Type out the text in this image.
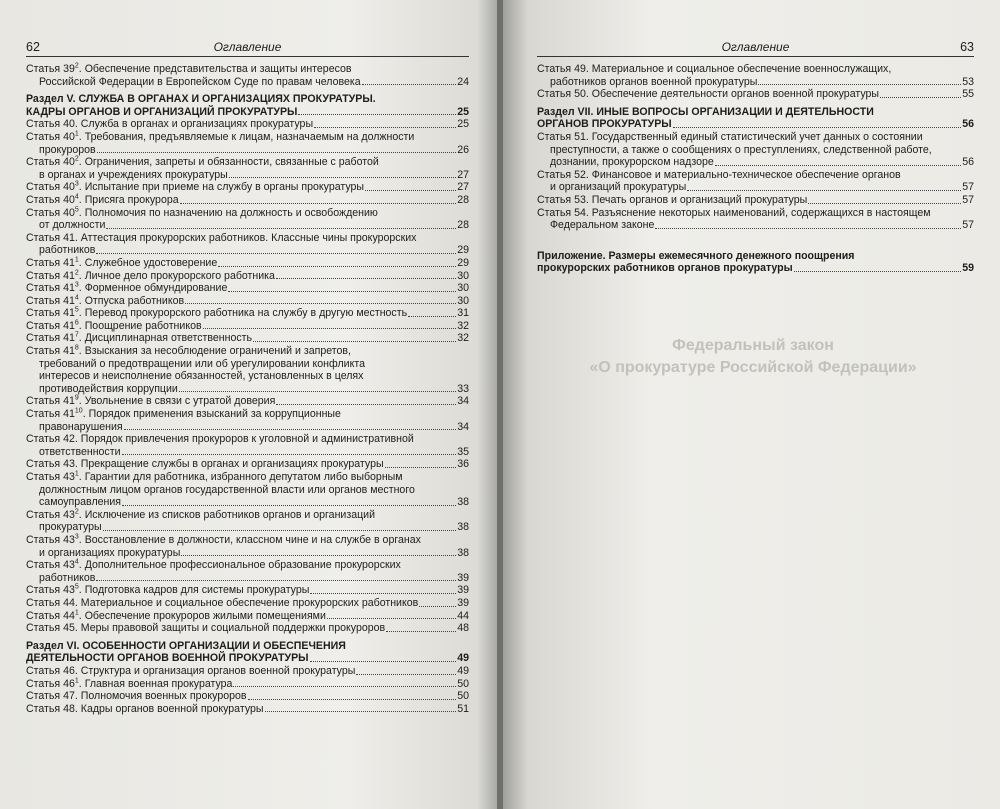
62	Оглавление
Статья $39^2$. Обеспечение представительства и защиты интересов
Российской Федерации в Европейском Суде по правам человека	24
Раздел V. СЛУЖБА В ОРГАНАХ И ОРГАНИЗАЦИЯХ ПРОКУРАТУРЫ.
КАДРЫ ОРГАНОВ И ОРГАНИЗАЦИЙ ПРОКУРАТУРЫ	25
Статья 40. Служба в органах и организациях прокуратуры	25
Статья $40^1$. Требования, предъявляемые к лицам, назначаемым на должности
прокуроров	26
Статья $40^2$. Ограничения, запреты и обязанности, связанные с работой
в органах и учреждениях прокуратуры	27
Статья $40^3$. Испытание при приеме на службу в органы прокуратуры	27
Статья $40^4$. Присяга прокурора	28
Статья $40^5$. Полномочия по назначению на должность и освобождению
от должности	28
Статья 41. Аттестация прокурорских работников. Классные чины прокурорских
работников	29
Статья $41^1$. Служебное удостоверение	29
Статья $41^2$. Личное дело прокурорского работника	30
Статья $41^3$. Форменное обмундирование	30
Статья $41^4$. Отпуска работников	30
Статья $41^5$. Перевод прокурорского работника на службу в другую местность	31
Статья $41^6$. Поощрение работников	32
Статья $41^7$. Дисциплинарная ответственность	32
Статья $41^8$. Взыскания за несоблюдение ограничений и запретов,
требований о предотвращении или об урегулировании конфликта
интересов и неисполнение обязанностей, установленных в целях
противодействия коррупции	33
Статья $41^9$. Увольнение в связи с утратой доверия	34
Статья $41^{10}$. Порядок применения взысканий за коррупционные
правонарушения	34
Статья 42. Порядок привлечения прокуроров к уголовной и административной
ответственности	35
Статья 43. Прекращение службы в органах и организациях прокуратуры	36
Статья $43^1$. Гарантии для работника, избранного депутатом либо выборным
должностным лицом органов государственной власти или органов местного
самоуправления	38
Статья $43^2$. Исключение из списков работников органов и организаций
прокуратуры	38
Статья $43^3$. Восстановление в должности, классном чине и на службе в органах
и организациях прокуратуры	38
Статья $43^4$. Дополнительное профессиональное образование прокурорских
работников	39
Статья $43^5$. Подготовка кадров для системы прокуратуры	39
Статья 44. Материальное и социальное обеспечение прокурорских работников	39
Статья $44^1$. Обеспечение прокуроров жилыми помещениями	44
Статья 45. Меры правовой защиты и социальной поддержки прокуроров	48
Раздел VI. ОСОБЕННОСТИ ОРГАНИЗАЦИИ И ОБЕСПЕЧЕНИЯ
ДЕЯТЕЛЬНОСТИ ОРГАНОВ ВОЕННОЙ ПРОКУРАТУРЫ	49
Статья 46. Структура и организация органов военной прокуратуры	49
Статья $46^1$. Главная военная прокуратура	50
Статья 47. Полномочия военных прокуроров	50
Статья 48. Кадры органов военной прокуратуры	51
Оглавление	63
Статья 49. Материальное и социальное обеспечение военнослужащих,
работников органов военной прокуратуры	53
Статья 50. Обеспечение деятельности органов военной прокуратуры	55
Раздел VII. ИНЫЕ ВОПРОСЫ ОРГАНИЗАЦИИ И ДЕЯТЕЛЬНОСТИ
ОРГАНОВ ПРОКУРАТУРЫ	56
Статья 51. Государственный единый статистический учет данных о состоянии
преступности, а также о сообщениях о преступлениях, следственной работе,
дознании, прокурорском надзоре	56
Статья 52. Финансовое и материально-техническое обеспечение органов
и организаций прокуратуры	57
Статья 53. Печать органов и организаций прокуратуры	57
Статья 54. Разъяснение некоторых наименований, содержащихся в настоящем
Федеральном законе	57
Приложение. Размеры ежемесячного денежного поощрения
прокурорских работников органов прокуратуры	59
Федеральный закон
«О прокуратуре Российской Федерации»
